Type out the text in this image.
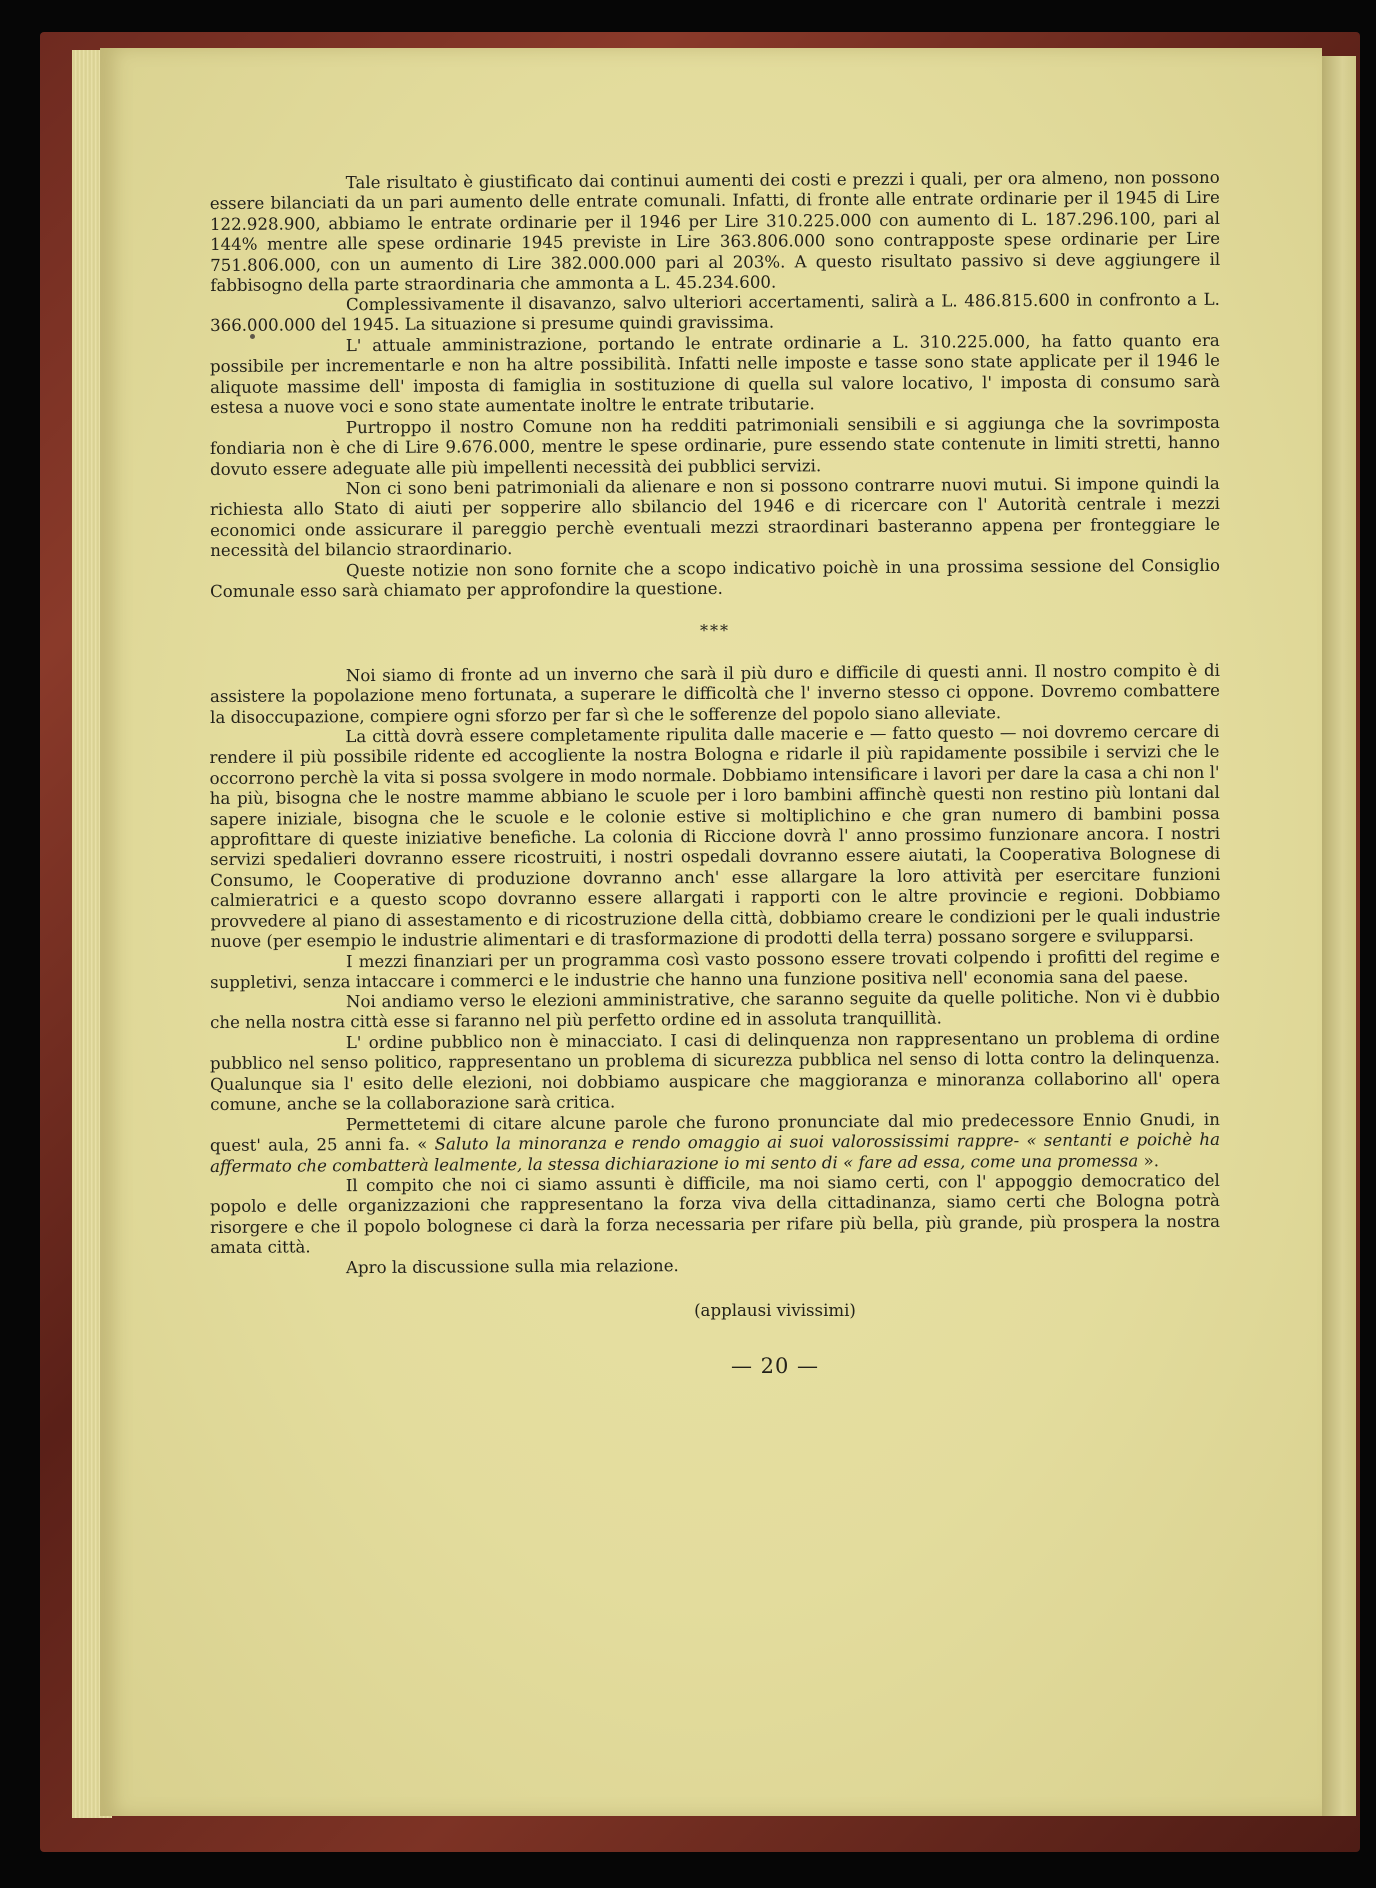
Tale risultato è giustificato dai continui aumenti dei costi e prezzi i quali, per ora almeno, non possono essere bilanciati da un pari aumento delle entrate comunali. Infatti, di fronte alle entrate ordinarie per il 1945 di Lire 122.928.900, abbiamo le entrate ordinarie per il 1946 per Lire 310.225.000 con aumento di L. 187.296.100, pari al 144% mentre alle spese ordinarie 1945 previste in Lire 363.806.000 sono contrapposte spese ordinarie per Lire 751.806.000, con un aumento di Lire 382.000.000 pari al 203%. A questo risultato passivo si deve aggiungere il fabbisogno della parte straordinaria che ammonta a L. 45.234.600.

Complessivamente il disavanzo, salvo ulteriori accertamenti, salirà a L. 486.815.600 in confronto a L. 366.000.000 del 1945. La situazione si presume quindi gravissima.

L' attuale amministrazione, portando le entrate ordinarie a L. 310.225.000, ha fatto quanto era possibile per incrementarle e non ha altre possibilità. Infatti nelle imposte e tasse sono state applicate per il 1946 le aliquote massime dell' imposta di famiglia in sostituzione di quella sul valore locativo, l' imposta di consumo sarà estesa a nuove voci e sono state aumentate inoltre le entrate tributarie.

Purtroppo il nostro Comune non ha redditi patrimoniali sensibili e si aggiunga che la sovrimposta fondiaria non è che di Lire 9.676.000, mentre le spese ordinarie, pure essendo state contenute in limiti stretti, hanno dovuto essere adeguate alle più impellenti necessità dei pubblici servizi.

Non ci sono beni patrimoniali da alienare e non si possono contrarre nuovi mutui. Si impone quindi la richiesta allo Stato di aiuti per sopperire allo sbilancio del 1946 e di ricercare con l' Autorità centrale i mezzi economici onde assicurare il pareggio perchè eventuali mezzi straordinari basteranno appena per fronteggiare le necessità del bilancio straordinario.

Queste notizie non sono fornite che a scopo indicativo poichè in una prossima sessione del Consiglio Comunale esso sarà chiamato per approfondire la questione.

***

Noi siamo di fronte ad un inverno che sarà il più duro e difficile di questi anni. Il nostro compito è di assistere la popolazione meno fortunata, a superare le difficoltà che l' inverno stesso ci oppone. Dovremo combattere la disoccupazione, compiere ogni sforzo per far sì che le sofferenze del popolo siano alleviate.

La città dovrà essere completamente ripulita dalle macerie e — fatto questo — noi dovremo cercare di rendere il più possibile ridente ed accogliente la nostra Bologna e ridarle il più rapidamente possibile i servizi che le occorrono perchè la vita si possa svolgere in modo normale. Dobbiamo intensificare i lavori per dare la casa a chi non l' ha più, bisogna che le nostre mamme abbiano le scuole per i loro bambini affinchè questi non restino più lontani dal sapere iniziale, bisogna che le scuole e le colonie estive si moltiplichino e che gran numero di bambini possa approfittare di queste iniziative benefiche. La colonia di Riccione dovrà l' anno prossimo funzionare ancora. I nostri servizi spedalieri dovranno essere ricostruiti, i nostri ospedali dovranno essere aiutati, la Cooperativa Bolognese di Consumo, le Cooperative di produzione dovranno anch' esse allargare la loro attività per esercitare funzioni calmieratrici e a questo scopo dovranno essere allargati i rapporti con le altre provincie e regioni. Dobbiamo provvedere al piano di assestamento e di ricostruzione della città, dobbiamo creare le condizioni per le quali industrie nuove (per esempio le industrie alimentari e di trasformazione di prodotti della terra) possano sorgere e svilupparsi.

I mezzi finanziari per un programma così vasto possono essere trovati colpendo i profitti del regime e suppletivi, senza intaccare i commerci e le industrie che hanno una funzione positiva nell' economia sana del paese.

Noi andiamo verso le elezioni amministrative, che saranno seguite da quelle politiche. Non vi è dubbio che nella nostra città esse si faranno nel più perfetto ordine ed in assoluta tranquillità.

L' ordine pubblico non è minacciato. I casi di delinquenza non rappresentano un problema di ordine pubblico nel senso politico, rappresentano un problema di sicurezza pubblica nel senso di lotta contro la delinquenza. Qualunque sia l' esito delle elezioni, noi dobbiamo auspicare che maggioranza e minoranza collaborino all' opera comune, anche se la collaborazione sarà critica.

Permettetemi di citare alcune parole che furono pronunciate dal mio predecessore Ennio Gnudi, in quest' aula, 25 anni fa. « Saluto la minoranza e rendo omaggio ai suoi valorossissimi rappre- « sentanti e poichè ha affermato che combatterà lealmente, la stessa dichiarazione io mi sento di « fare ad essa, come una promessa ».

Il compito che noi ci siamo assunti è difficile, ma noi siamo certi, con l' appoggio democratico del popolo e delle organizzazioni che rappresentano la forza viva della cittadinanza, siamo certi che Bologna potrà risorgere e che il popolo bolognese ci darà la forza necessaria per rifare più bella, più grande, più prospera la nostra amata città.

Apro la discussione sulla mia relazione.

(applausi vivissimi)
— 20 —
